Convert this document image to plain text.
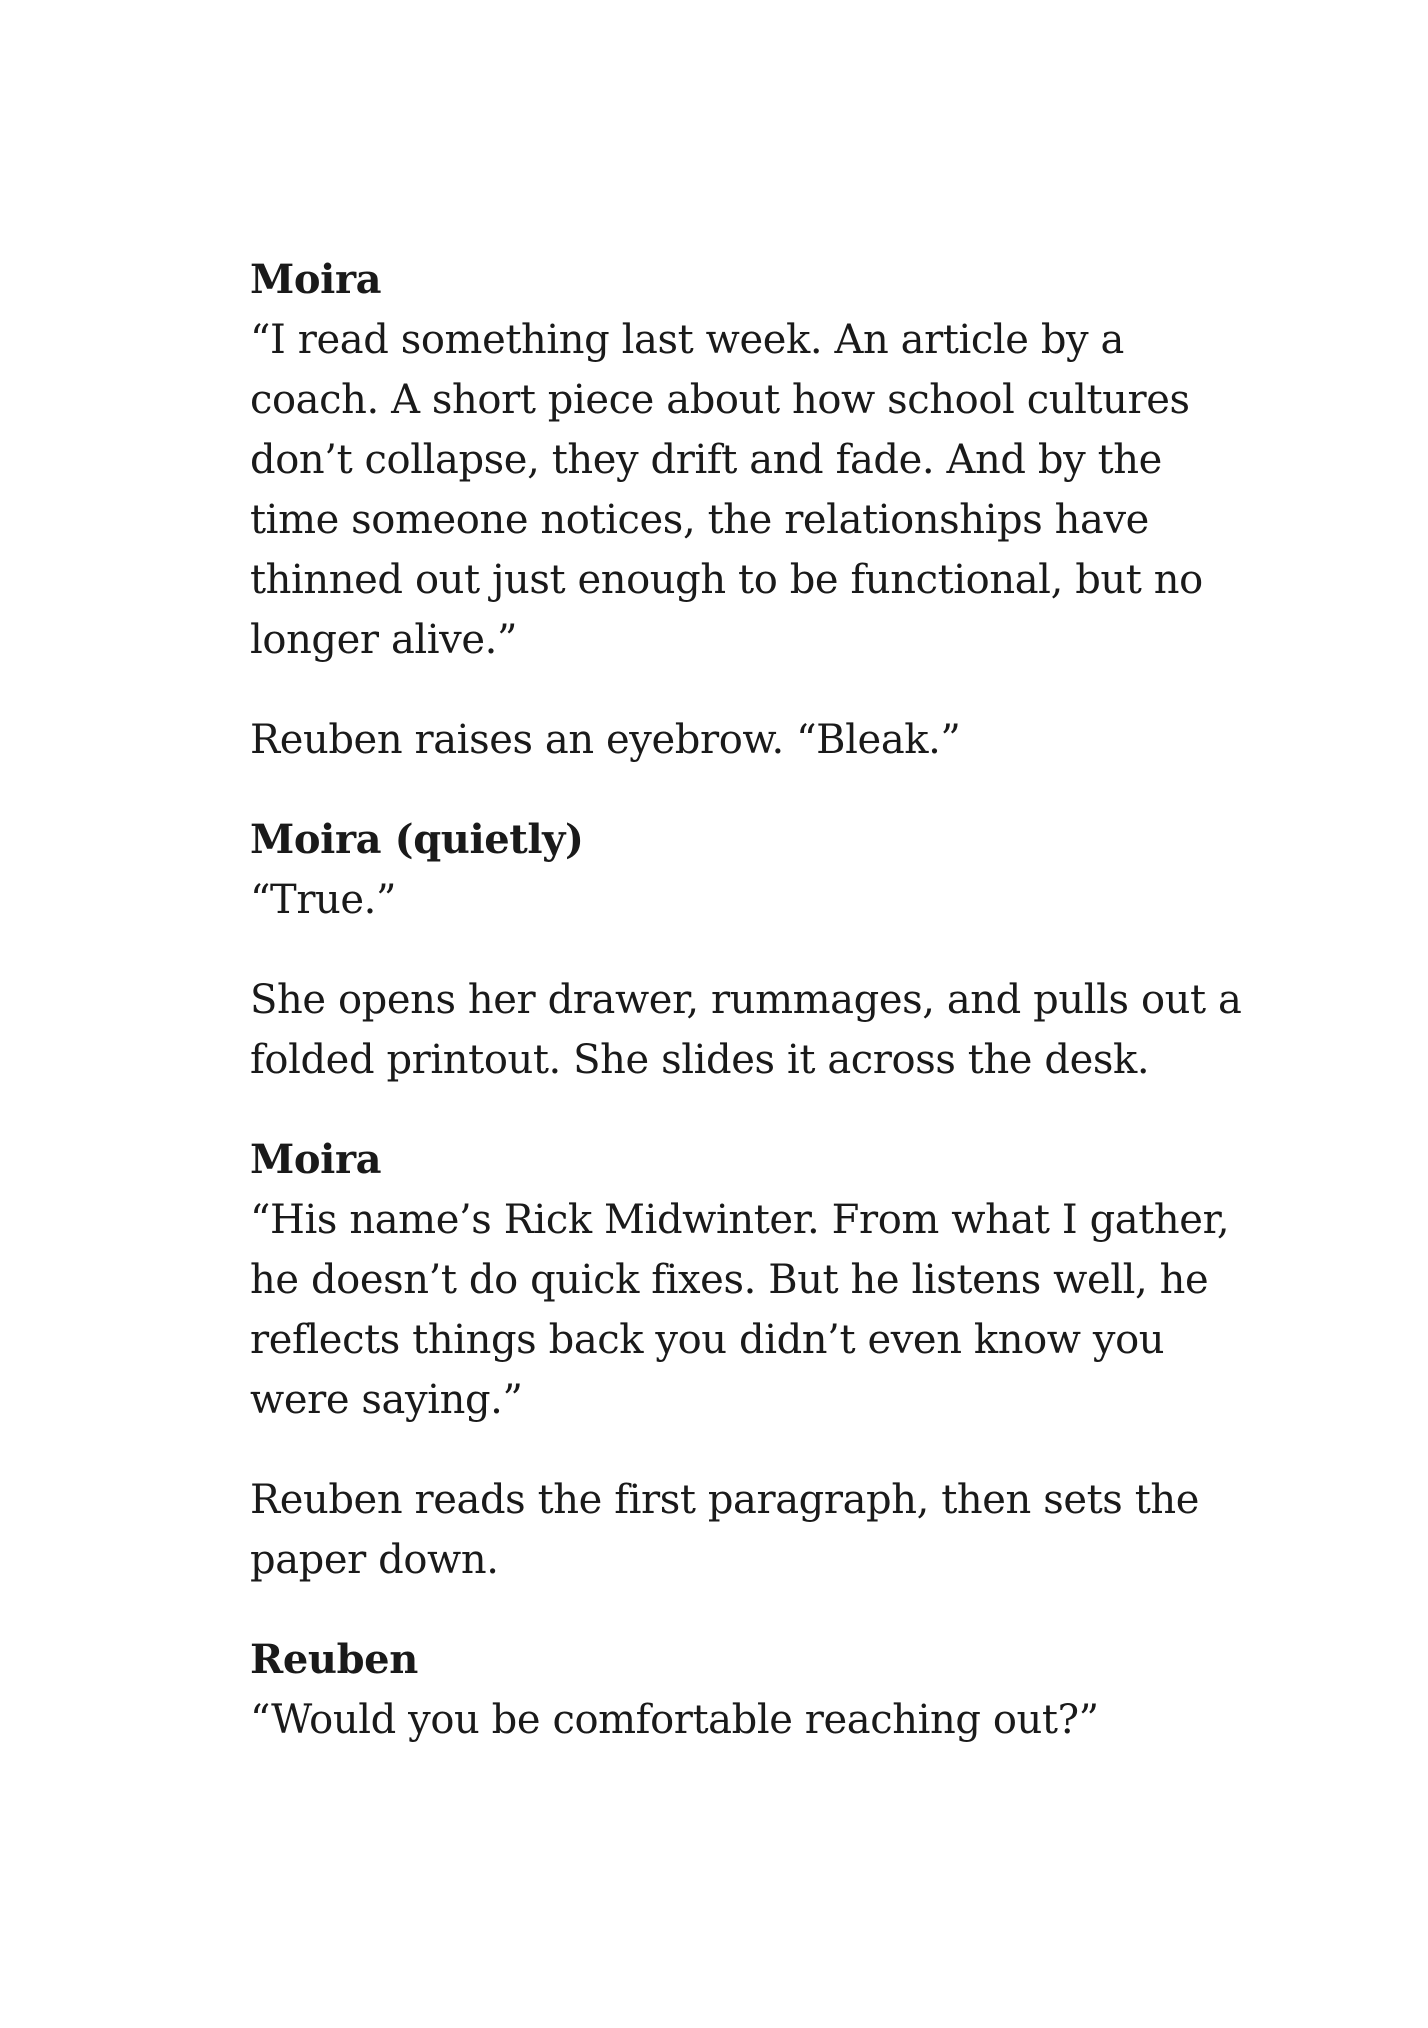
Moira
“I read something last week. An article by a
coach. A short piece about how school cultures
don’t collapse, they drift and fade. And by the
time someone notices, the relationships have
thinned out just enough to be functional, but no
longer alive.”
Reuben raises an eyebrow. “Bleak.”
Moira (quietly)
“True.”
She opens her drawer, rummages, and pulls out a
folded printout. She slides it across the desk.
Moira
“His name’s Rick Midwinter. From what I gather,
he doesn’t do quick fixes. But he listens well, he
reflects things back you didn’t even know you
were saying.”
Reuben reads the first paragraph, then sets the
paper down.
Reuben
“Would you be comfortable reaching out?”
